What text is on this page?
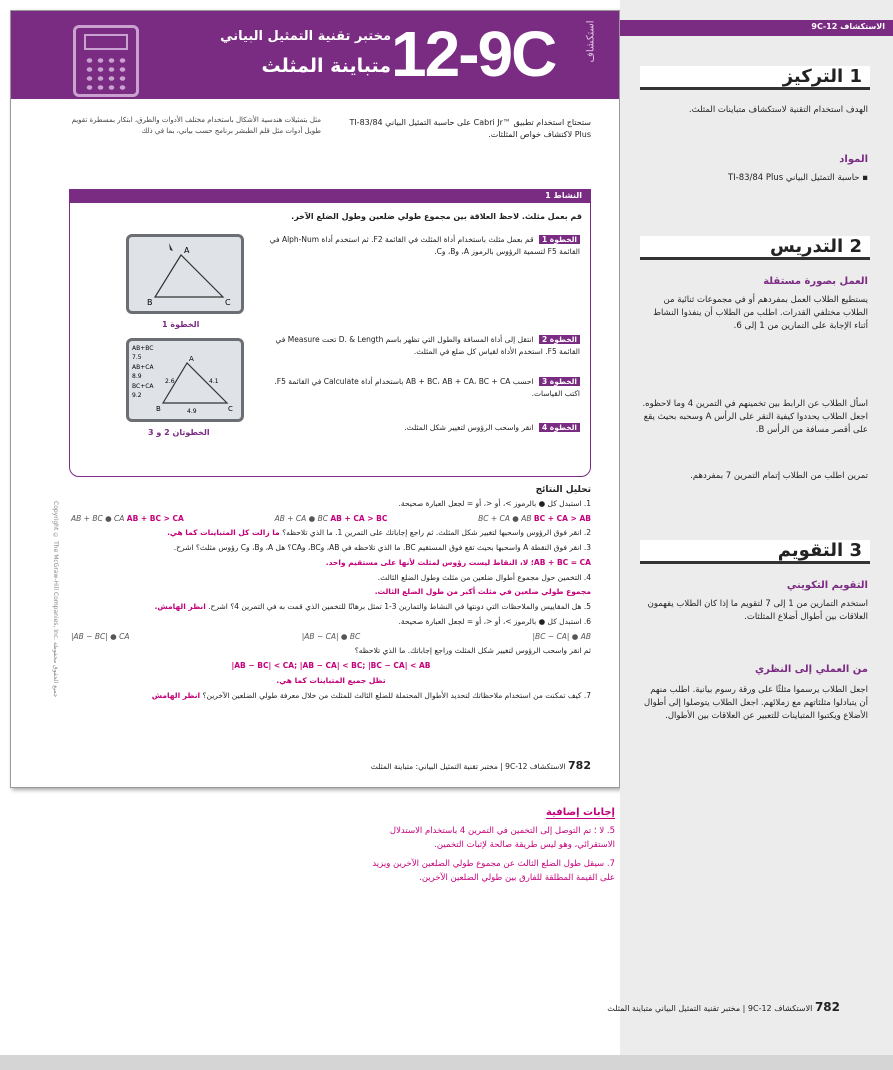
مختبر تقنية التمثيل البياني
متباينة المثلث 12-9C	استكشاف
ستحتاج استخدام تطبيق ™Cabri Jr على حاسبة التمثيل البياني TI-83/84 Plus لاكتشاف خواص المثلثات.
مثل بتمثيلات هندسية الأشكال باستخدام مختلف الأدوات والطرق، ابتكار بمسطرة تقويم طويل أدوات مثل قلم الطبشر برنامج حسب بياني، بما في ذلك
النشاط 1
قم بعمل مثلث. لاحظ العلاقة بين مجموع طولي ضلعين وطول الضلع الآخر.
الخطوة 1 قم بعمل مثلث باستخدام أداة المثلث في القائمة F2. ثم استخدم أداة Alph-Num في القائمة F5 لتسمية الرؤوس بالرموز A، وB، وC.
الخطوة 2 انتقل إلى أداة المسافة والطول التي تظهر باسم D. & Length تحت Measure في القائمة F5. استخدم الأداة لقياس كل ضلع في المثلث.
الخطوة 3 احسب AB + BC، AB + CA، BC + CA باستخدام أداة Calculate في القائمة F5. اكتب القياسات.
الخطوة 4 انقر واسحب الرؤوس لتغيير شكل المثلث.
A
B	C
الخطوة 1
AB+BC
7.5
AB+CA
8.9
BC+CA
9.2
A
B	C
2.6	4.1
4.9
الخطوتان 2 و 3
تحليل النتائج
1. استبدل كل ● بالرموز >، أو <، أو = لجعل العبارة صحيحة.
AB + BC ● CA AB + BC > CA	AB + CA ● BC AB + CA > BC	BC + CA ● AB BC + CA > AB
2. انقر فوق الرؤوس واسحبها لتغيير شكل المثلث. ثم راجع إجاباتك على التمرين 1. ما الذي تلاحظه؟ ما زالت كل المتباينات كما هي.
3. انقر فوق النقطة A واسحبها بحيث تقع فوق المستقيم BC. ما الذي تلاحظه في AB، وBC، وCA؟ هل A، وB، وC رؤوس مثلث؟ اشرح.
AB + BC = CA؛ لا، النقاط ليست رؤوس لمثلث لأنها على مستقيم واحد.
4. التخمين حول مجموع أطوال ضلعين من مثلث وطول الضلع الثالث.
مجموع طولي ضلعين في مثلث أكبر من طول الضلع الثالث.
5. هل المقاييس والملاحظات التي دونتها في النشاط والتمارين 3-1 تمثل برهانًا للتخمين الذي قمت به في التمرين 4؟ اشرح. انظر الهامش.
6. استبدل كل ● بالرموز >، أو <، أو = لجعل العبارة صحيحة.
|AB − BC| ● CA	|AB − CA| ● BC	|BC − CA| ● AB
ثم انقر واسحب الرؤوس لتغيير شكل المثلث وراجع إجاباتك. ما الذي تلاحظه؟
|AB − BC| < CA; |AB − CA| < BC; |BC − CA| < AB
تظل جميع المتباينات كما هي.
7. كيف تمكنت من استخدام ملاحظاتك لتحديد الأطوال المحتملة للضلع الثالث للمثلث من خلال معرفة طولي الضلعين الآخرين؟ انظر الهامش
Copyright © The McGraw-Hill Companies, Inc. جميع الحقوق محفوظة
782 الاستكشاف 12-9C | مختبر تقنية التمثيل البياني: متباينة المثلث
الاستكشاف 12-9C
1 التركيز
الهدف استخدام التقنية لاستكشاف متباينات المثلث.
المواد
▪ حاسبة التمثيل البياني TI-83/84 Plus
2 التدريس
العمل بصورة مستقلة
يستطيع الطلاب العمل بمفردهم أو في مجموعات ثنائية من الطلاب مختلفي القدرات. اطلب من الطلاب أن ينفذوا النشاط أثناء الإجابة على التمارين من 1 إلى 6.
اسأل الطلاب عن الرابط بين تخمينهم في التمرين 4 وما لاحظوه. اجعل الطلاب يحددوا كيفية النقر على الرأس A وسحبه بحيث يقع على أقصر مسافة من الرأس B.
تمرين اطلب من الطلاب إتمام التمرين 7 بمفردهم.
3 التقويم
التقويم التكويني
استخدم التمارين من 1 إلى 7 لتقويم ما إذا كان الطلاب يفهمون العلاقات بين أطوال أضلاع المثلثات.
من العملي إلى النظري
اجعل الطلاب يرسموا مثلثًا على ورقة رسوم بيانية. اطلب منهم أن يتبادلوا مثلثاتهم مع زملائهم. اجعل الطلاب يتوصلوا إلى أطوال الأضلاع ويكتبوا المتباينات للتعبير عن العلاقات بين الأطوال.
إجابات إضافية
5. لا ؛ تم التوصل إلى التخمين في التمرين 4 باستخدام الاستدلال الاستقرائي، وهو ليس طريقة صالحة لإثبات التخمين.
7. سيقل طول الضلع الثالث عن مجموع طولي الضلعين الآخرين ويزيد على القيمة المطلقة للفارق بين طولي الضلعين الآخرين.
782 الاستكشاف 12-9C | مختبر تقنية التمثيل البياني متباينة المثلث
